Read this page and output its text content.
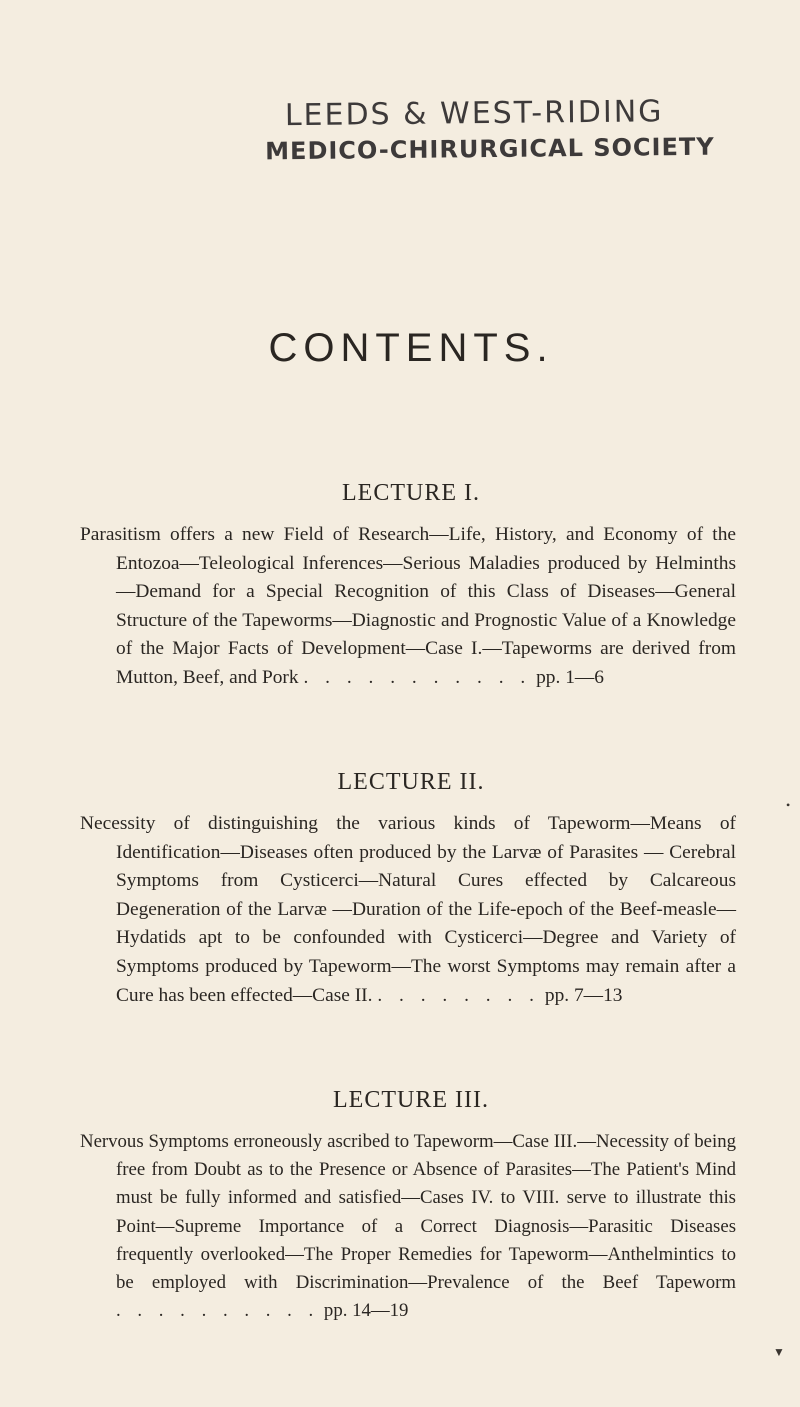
LEEDS & WEST-RIDING
MEDICO-CHIRURGICAL SOCIETY
CONTENTS.
LECTURE I.
Parasitism offers a new Field of Research—Life, History, and Economy of the Entozoa—Teleological Inferences—Serious Maladies produced by Helminths—Demand for a Special Recognition of this Class of Diseases—General Structure of the Tapeworms—Diagnostic and Prognostic Value of a Knowledge of the Major Facts of Development—Case I.—Tapeworms are derived from Mutton, Beef, and Pork . . . . . . . . . . . pp. 1—6
LECTURE II.
Necessity of distinguishing the various kinds of Tapeworm—Means of Identification—Diseases often produced by the Larvæ of Parasites — Cerebral Symptoms from Cysticerci—Natural Cures effected by Calcareous Degeneration of the Larvæ —Duration of the Life-epoch of the Beef-measle—Hydatids apt to be confounded with Cysticerci—Degree and Variety of Symptoms produced by Tapeworm—The worst Symptoms may remain after a Cure has been effected—Case II. . . . . . . . . pp. 7—13
LECTURE III.
Nervous Symptoms erroneously ascribed to Tapeworm—Case III.—Necessity of being free from Doubt as to the Presence or Absence of Parasites—The Patient's Mind must be fully informed and satisfied—Cases IV. to VIII. serve to illustrate this Point—Supreme Importance of a Correct Diagnosis—Parasitic Diseases frequently overlooked—The Proper Remedies for Tapeworm—Anthelmintics to be employed with Discrimination—Prevalence of the Beef Tapeworm . . . . . . . . . . pp. 14—19
•
▼
